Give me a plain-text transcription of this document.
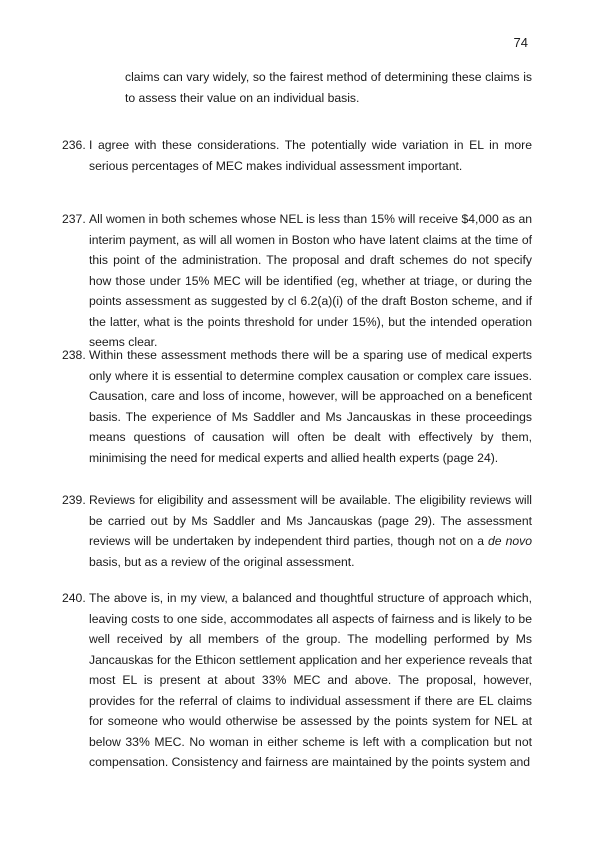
74
claims can vary widely, so the fairest method of determining these claims is to assess their value on an individual basis.
236. I agree with these considerations. The potentially wide variation in EL in more serious percentages of MEC makes individual assessment important.
237. All women in both schemes whose NEL is less than 15% will receive $4,000 as an interim payment, as will all women in Boston who have latent claims at the time of this point of the administration. The proposal and draft schemes do not specify how those under 15% MEC will be identified (eg, whether at triage, or during the points assessment as suggested by cl 6.2(a)(i) of the draft Boston scheme, and if the latter, what is the points threshold for under 15%), but the intended operation seems clear.
238. Within these assessment methods there will be a sparing use of medical experts only where it is essential to determine complex causation or complex care issues. Causation, care and loss of income, however, will be approached on a beneficent basis. The experience of Ms Saddler and Ms Jancauskas in these proceedings means questions of causation will often be dealt with effectively by them, minimising the need for medical experts and allied health experts (page 24).
239. Reviews for eligibility and assessment will be available. The eligibility reviews will be carried out by Ms Saddler and Ms Jancauskas (page 29). The assessment reviews will be undertaken by independent third parties, though not on a de novo basis, but as a review of the original assessment.
240. The above is, in my view, a balanced and thoughtful structure of approach which, leaving costs to one side, accommodates all aspects of fairness and is likely to be well received by all members of the group. The modelling performed by Ms Jancauskas for the Ethicon settlement application and her experience reveals that most EL is present at about 33% MEC and above. The proposal, however, provides for the referral of claims to individual assessment if there are EL claims for someone who would otherwise be assessed by the points system for NEL at below 33% MEC. No woman in either scheme is left with a complication but not compensation. Consistency and fairness are maintained by the points system and
